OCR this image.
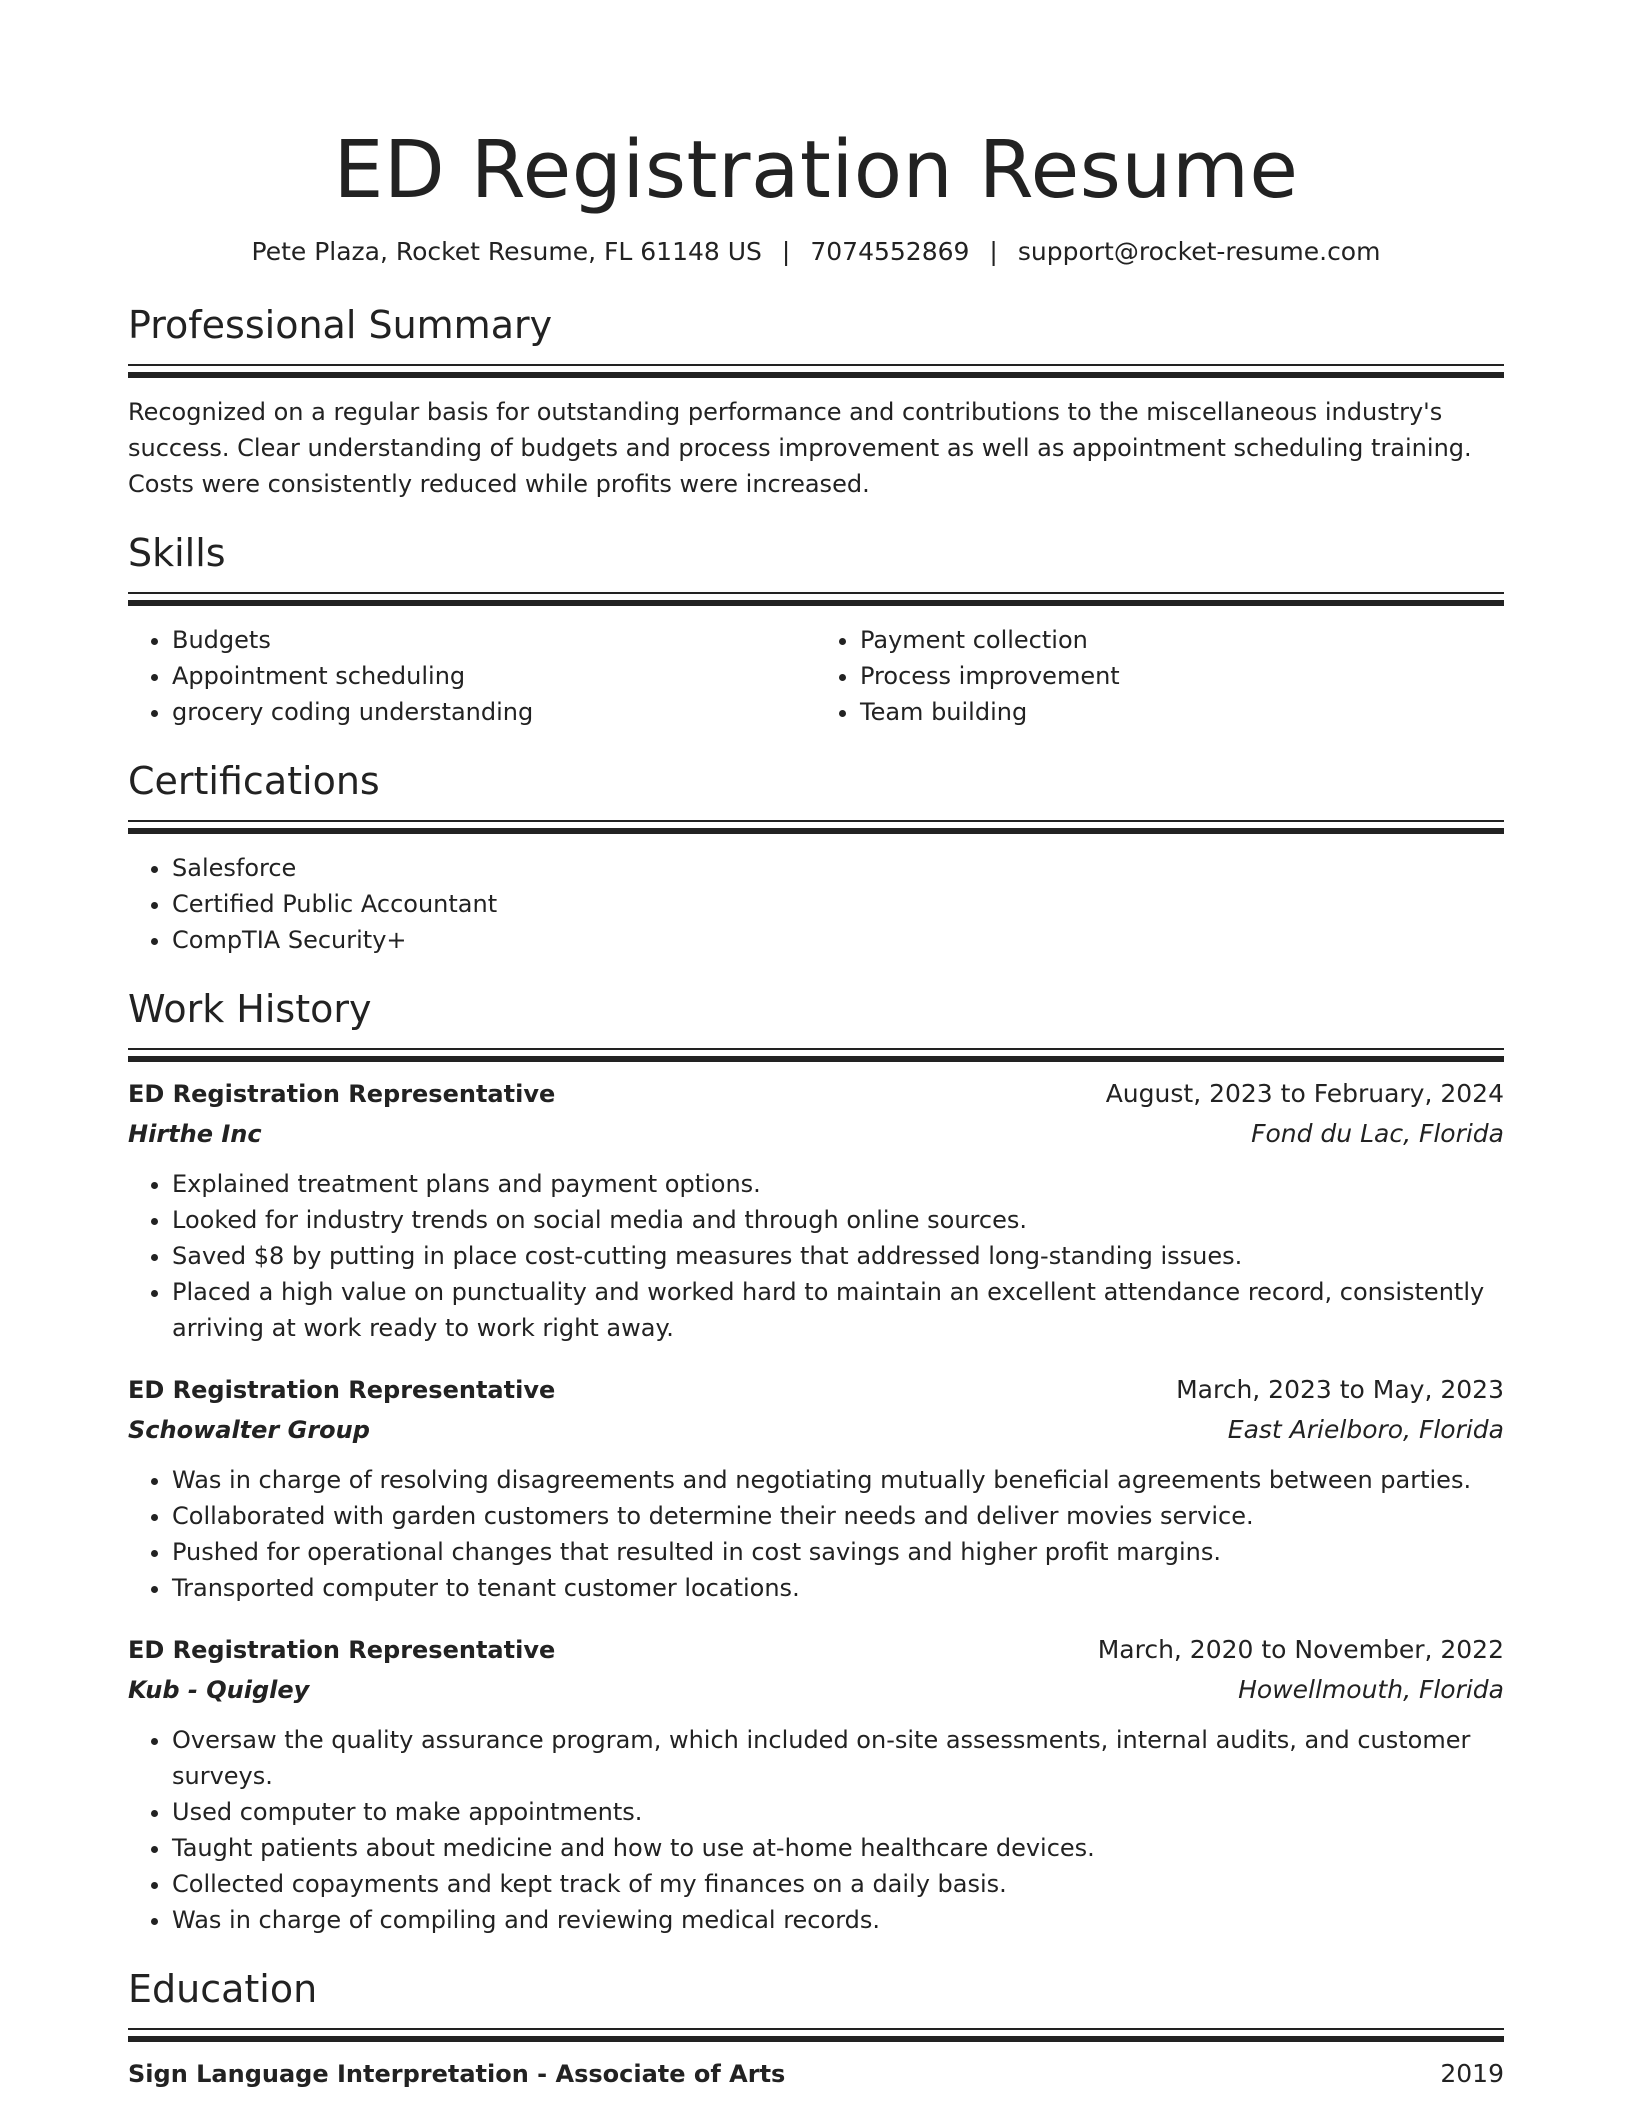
ED Registration Resume
Pete Plaza, Rocket Resume, FL 61148 US | 7074552869 | support@rocket-resume.com
Professional Summary

Recognized on a regular basis for outstanding performance and contributions to the miscellaneous industry's success. Clear understanding of budgets and process improvement as well as appointment scheduling training. Costs were consistently reduced while profits were increased.

Skills
• Budgets
• Appointment scheduling
• grocery coding understanding
• Payment collection
• Process improvement
• Team building
Certifications
• Salesforce
• Certified Public Accountant
• CompTIA Security+
Work History
ED Registration Representative	August, 2023 to February, 2024
Hirthe Inc	Fond du Lac, Florida
• Explained treatment plans and payment options.
• Looked for industry trends on social media and through online sources.
• Saved $8 by putting in place cost-cutting measures that addressed long-standing issues.
• Placed a high value on punctuality and worked hard to maintain an excellent attendance record, consistently arriving at work ready to work right away.
ED Registration Representative	March, 2023 to May, 2023
Schowalter Group	East Arielboro, Florida
• Was in charge of resolving disagreements and negotiating mutually beneficial agreements between parties.
• Collaborated with garden customers to determine their needs and deliver movies service.
• Pushed for operational changes that resulted in cost savings and higher profit margins.
• Transported computer to tenant customer locations.
ED Registration Representative	March, 2020 to November, 2022
Kub - Quigley	Howellmouth, Florida
• Oversaw the quality assurance program, which included on-site assessments, internal audits, and customer surveys.
• Used computer to make appointments.
• Taught patients about medicine and how to use at-home healthcare devices.
• Collected copayments and kept track of my finances on a daily basis.
• Was in charge of compiling and reviewing medical records.
Education
Sign Language Interpretation - Associate of Arts	2019
